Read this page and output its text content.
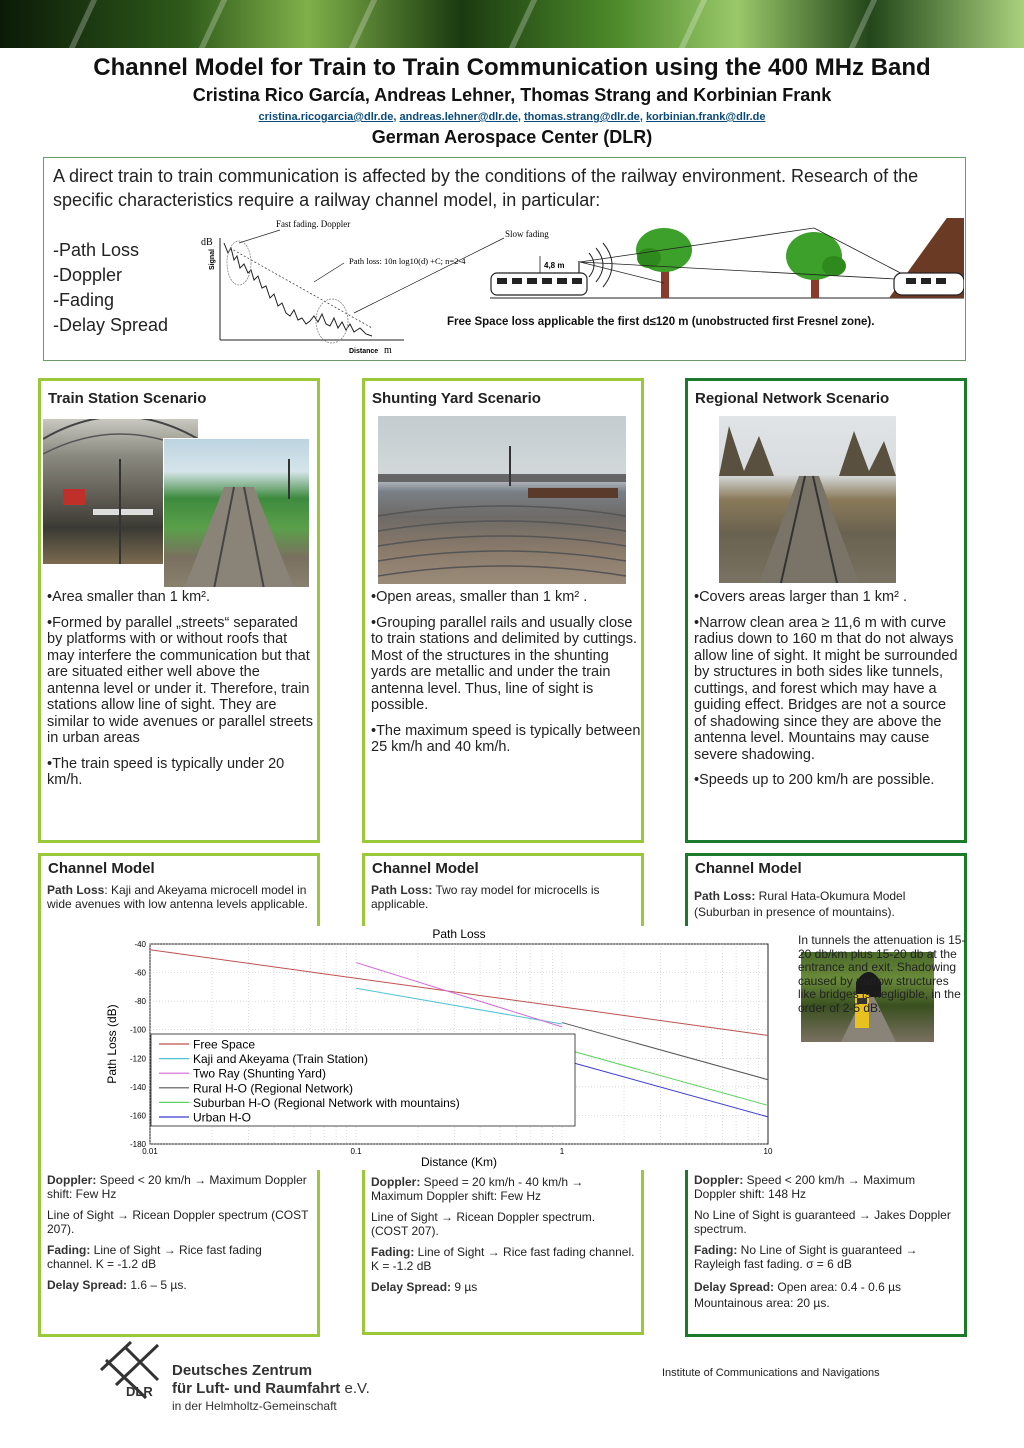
Channel Model for Train to Train Communication using the 400 MHz Band
Cristina Rico García, Andreas Lehner, Thomas Strang and Korbinian Frank
cristina.ricogarcia@dlr.de, andreas.lehner@dlr.de, thomas.strang@dlr.de, korbinian.frank@dlr.de
German Aerospace Center (DLR)
A direct train to train communication is affected by the conditions of the railway environment. Research of the specific characteristics require a railway channel model, in particular:
-Path Loss
-Doppler
-Fading
-Delay Spread
dB
Signal
Distance m
Fast fading. Doppler
Slow fading
Path loss: 10n log10(d) +C; n=2-4	4,8 m
Free Space loss applicable the first d≤120 m (unobstructed first Fresnel zone).
Train Station Scenario

•Area smaller than 1 km².

•Formed by parallel „streets“ separated by platforms with or without roofs that may interfere the communication but that are situated either well above the antenna level or under it. Therefore, train stations allow line of sight. They are similar to wide avenues or parallel streets in urban areas

•The train speed is typically under 20 km/h.

Shunting Yard Scenario

•Open areas, smaller than 1 km² .

•Grouping parallel rails and usually close to train stations and delimited by cuttings. Most of the structures in the shunting yards are metallic and under the train antenna level. Thus, line of sight is possible.

•The maximum speed is typically between 25 km/h and 40 km/h.

Regional Network Scenario

•Covers areas larger than 1 km² .

•Narrow clean area ≥ 11,6 m with curve radius down to 160 m that do not always allow line of sight. It might be surrounded by structures in both sides like tunnels, cuttings, and forest which may have a guiding effect. Bridges are not a source of shadowing since they are above the antenna level. Mountains may cause severe shadowing.

•Speeds up to 200 km/h are possible.

Channel Model
Path Loss: Kaji and Akeyama microcell model in wide avenues with low antenna levels applicable.

Doppler: Speed < 20 km/h → Maximum Doppler shift: Few Hz

Line of Sight → Ricean Doppler spectrum (COST 207).

Fading: Line of Sight → Rice fast fading channel. K = -1.2 dB

Delay Spread: 1.6 – 5 µs.

Channel Model
Path Loss: Two ray model for microcells is applicable.

Doppler: Speed = 20 km/h - 40 km/h → Maximum Doppler shift: Few Hz

Line of Sight → Ricean Doppler spectrum. (COST 207).

Fading: Line of Sight → Rice fast fading channel. K = -1.2 dB

Delay Spread: 9 µs

Channel Model
Path Loss: Rural Hata-Okumura Model (Suburban in presence of mountains).

Doppler: Speed < 200 km/h → Maximum Doppler shift: 148 Hz

No Line of Sight is guaranteed → Jakes Doppler spectrum.

Fading: No Line of Sight is guaranteed → Rayleigh fast fading. σ = 6 dB

Delay Spread: Open area: 0.4 - 0.6 µs
Mountainous area: 20 µs.

In tunnels the attenuation is 15-20 db/km plus 15-20 db at the entrance and exit. Shadowing caused by narrow structures like bridges is negligible, in the order of 2-5 dB.
-40
-60
-80
-100
-120
-140
-160
-180
0.01	0.1	1	10
Path Loss
Distance (Km)
Path Loss (dB)	Free Space
Kaji and Akeyama (Train Station)
Two Ray (Shunting Yard)
Rural H-O (Regional Network)
Suburban H-O (Regional Network with mountains)
Urban H-O
DLR
Deutsches Zentrum
für Luft- und Raumfahrt e.V.
in der Helmholtz-Gemeinschaft
Institute of Communications and Navigations
